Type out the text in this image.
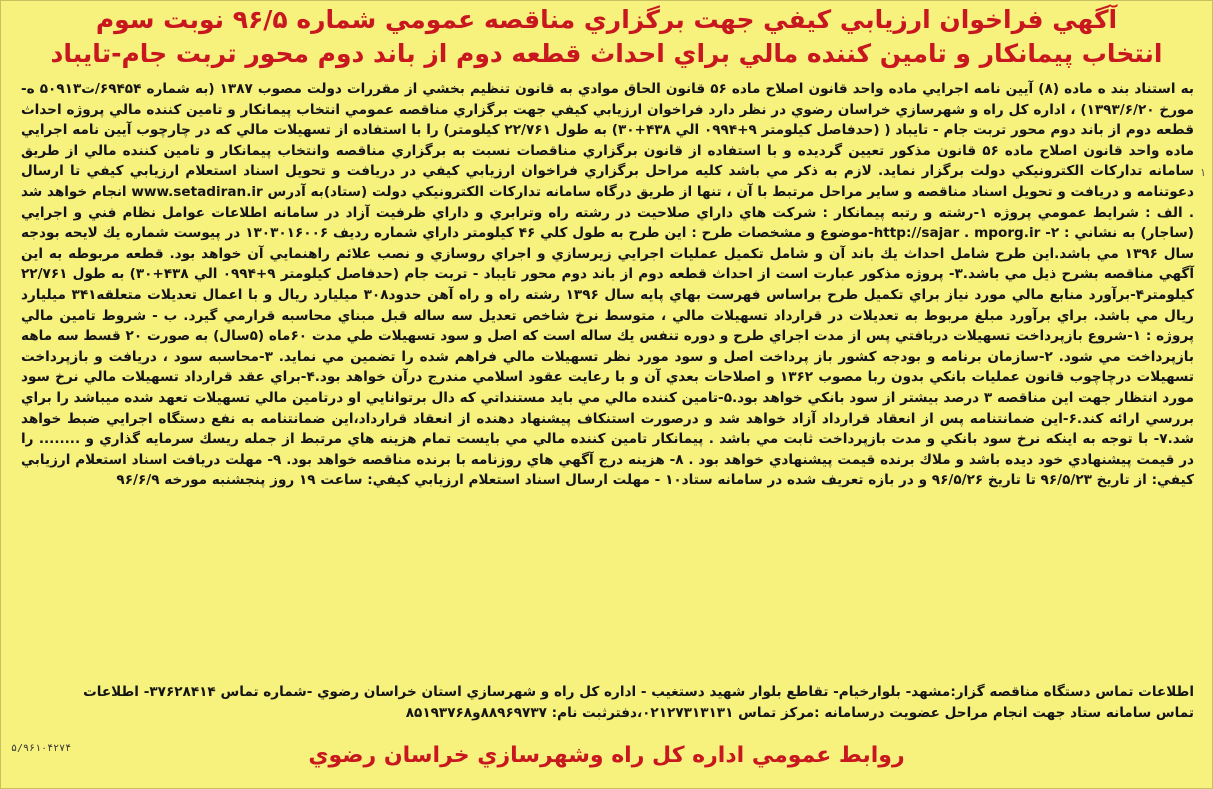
آگهي فراخوان ارزيابي كيفي جهت برگزاري مناقصه عمومي شماره ۹۶/۵ نوبت سوم
انتخاب پيمانكار و تامين كننده مالي براي احداث قطعه دوم از باند دوم محور تربت جام-تايباد

به استناد بند ه ماده (۸) آيين نامه اجرايي ماده واحد قانون اصلاح ماده ۵۶ قانون الحاق موادي به قانون تنظيم بخشي از مقررات دولت مصوب ۱۳۸۷ (به شماره ۶۹۴۵۴/ت۵۰۹۱۳ ه-مورخ ۱۳۹۳/۶/۲۰) ، اداره كل راه و شهرسازي خراسان رضوي در نظر دارد فراخوان ارزيابي كيفي جهت برگزاري مناقصه عمومي انتخاب پيمانكار و تامين كننده مالي پروژه احداث قطعه دوم از باند دوم محور تربت جام - تايباد ( (حدفاصل كيلومتر ۹+۰۹۹۴ الي ۴۳۸+۳۰) به طول ۲۲/۷۶۱ كيلومتر) را با استفاده از تسهيلات مالي كه در چارچوب آيين نامه اجرايي ماده واحد قانون اصلاح ماده ۵۶ قانون مذكور تعيين گرديده و با استفاده از قانون برگزاري مناقصات نسبت به برگزاري مناقصه وانتخاب پيمانكار و تامين كننده مالي از طريق سامانه تداركات الكترونيكي دولت برگزار نمايد. لازم به ذكر مي باشد كليه مراحل برگزاري فراخوان ارزيابي كيفي در دريافت و تحويل اسناد استعلام ارزيابي كيفي تا ارسال دعوتنامه و دريافت و تحويل اسناد مناقصه و ساير مراحل مرتبط با آن ، تنها از طريق درگاه سامانه تداركات الكترونيكي دولت (ستاد)به آدرس www.setadiran.ir انجام خواهد شد . الف : شرايط عمومي پروژه ۱-رشته و رتبه پيمانكار : شركت هاي داراي صلاحيت در رشته راه وترابري و داراي ظرفيت آزاد در سامانه اطلاعات عوامل نظام فني و اجرايي (ساجار) به نشاني : http://sajar . mporg.ir -۲-موضوع و مشخصات طرح : اين طرح به طول كلي ۴۶ كيلومتر داراي شماره رديف ۱۳۰۳۰۱۶۰۰۶ در پيوست شماره يك لايحه بودجه سال ۱۳۹۶ مي باشد.اين طرح شامل احداث يك باند آن و شامل تكميل عمليات اجرايي زيرسازي و اجراي روسازي و نصب علائم راهنمايي آن خواهد بود. قطعه مربوطه به اين آگهي مناقصه بشرح ذيل مي باشد.۳- پروژه مذكور عبارت است از احداث قطعه دوم از باند دوم محور تايباد - تربت جام (حدفاصل كيلومتر ۹+۰۹۹۴ الي ۴۳۸+۳۰) به طول ۲۲/۷۶۱ كيلومتر۴-برآورد منابع مالي مورد نياز براي تكميل طرح براساس فهرست بهاي پايه سال ۱۳۹۶ رشته راه و راه آهن حدود۳۰۸ ميليارد ريال و با اعمال تعديلات متعلقه۳۴۱ ميليارد ريال مي باشد. براي برآورد مبلغ مربوط به تعديلات در قرارداد تسهيلات مالي ، متوسط نرخ شاخص تعديل سه ساله قبل مبناي محاسبه قرارمي گيرد. ب - شروط تامين مالي پروژه : ۱-شروع بازپرداخت تسهيلات دريافتي پس از مدت اجراي طرح و دوره تنفس يك ساله است كه اصل و سود تسهيلات طي مدت ۶۰ماه (۵سال) به صورت ۲۰ قسط سه ماهه بازپرداخت مي شود. ۲-سازمان برنامه و بودجه كشور باز پرداخت اصل و سود مورد نظر تسهيلات مالي فراهم شده را تضمين مي نمايد. ۳-محاسبه سود ، دريافت و بازپرداخت تسهيلات درچاچوب قانون عمليات بانكي بدون ربا مصوب ۱۳۶۲ و اصلاحات بعدي آن و با رعايت عقود اسلامي مندرج درآن خواهد بود.۴-براي عقد قرارداد تسهيلات مالي نرخ سود مورد انتظار جهت اين مناقصه ۳ درصد بيشتر از سود بانكي خواهد بود.۵-تامين كننده مالي مي بايد مستنداتي كه دال برتوانايي او درتامين مالي تسهيلات تعهد شده ميباشد را براي بررسي ارائه كند.۶-اين ضمانتنامه پس از انعقاد قرارداد آزاد خواهد شد و درصورت استنكاف پيشنهاد دهنده از انعقاد قرارداد،اين ضمانتنامه به نفع دستگاه اجرايي ضبط خواهد شد.۷- با توجه به اينكه نرخ سود بانكي و مدت بازپرداخت ثابت مي باشد . پيمانكار تامين كننده مالي مي بايست تمام هزينه هاي مرتبط از جمله ريسك سرمايه گذاري و ........ را در قيمت پيشنهادي خود ديده باشد و ملاك برنده قيمت پيشنهادي خواهد بود . ۸- هزينه درج آگهي هاي روزنامه با برنده مناقصه خواهد بود. ۹- مهلت دريافت اسناد استعلام ارزيابي كيفي: از تاريخ ۹۶/۵/۲۳ تا تاريخ ۹۶/۵/۲۶ و در بازه تعريف شده در سامانه ستاد۱۰ - مهلت ارسال اسناد استعلام ارزيابي كيفي: ساعت ۱۹ روز پنجشنبه مورخه ۹۶/۶/۹

اطلاعات تماس دستگاه مناقصه گزار:مشهد- بلوارخيام- تقاطع بلوار شهيد دستغيب - اداره كل راه و شهرسازي استان خراسان رضوي -شماره تماس ۳۷۶۲۸۴۱۴- اطلاعات

تماس سامانه ستاد جهت انجام مراحل عضويت درسامانه :مركز تماس ۰۲۱۲۷۳۱۳۱۳۱،دفترثبت نام: ۸۸۹۶۹۷۳۷و۸۵۱۹۳۷۶۸

روابط عمومي اداره كل راه وشهرسازي خراسان رضوي
۵/۹۶۱۰۴۲۷۴
۱
